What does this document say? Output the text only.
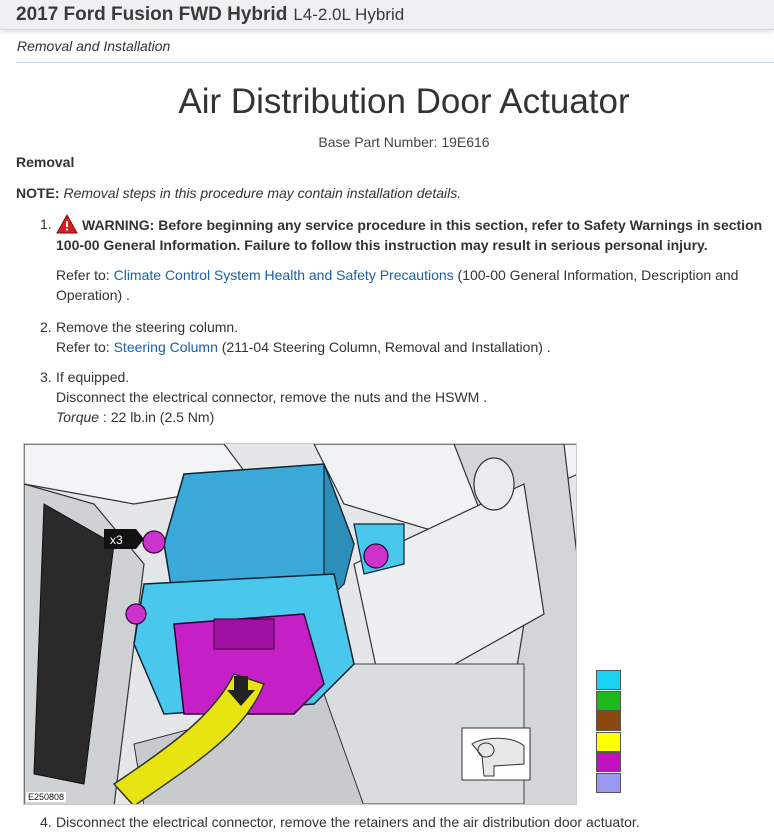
2017 Ford Fusion FWD Hybrid L4-2.0L Hybrid
Removal and Installation
Air Distribution Door Actuator
Base Part Number: 19E616
Removal
NOTE: Removal steps in this procedure may contain installation details.
1.	WARNING: Before beginning any service procedure in this section, refer to Safety Warnings in section 100-00 General Information. Failure to follow this instruction may result in serious personal injury.
Refer to: Climate Control System Health and Safety Precautions (100-00 General Information, Description and Operation) .
2. Remove the steering column.
Refer to: Steering Column (211-04 Steering Column, Removal and Installation) .
3. If equipped.
Disconnect the electrical connector, remove the nuts and the HSWM .
Torque : 22 lb.in (2.5 Nm)
x3
E250808
4. Disconnect the electrical connector, remove the retainers and the air distribution door actuator.
